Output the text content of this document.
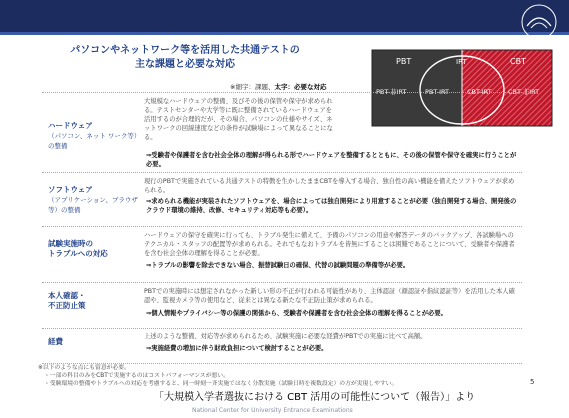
NATIONAL CENTER FOR UNIVER...
パソコンやネットワーク等を活用した共通テストの
主な課題と必要な対応
※細字：課題、太字：必要な対応
PBT	CBT
IRT
PBT-非IRT	PBT-IRT	CBT-IRT	CBT-非IRT
ハードウェア
（パソコン、ネット ワーク等）の整備
大規模なハードウェアの整備、及びその後の保管や保守が求められる。テストセンターや大学等に既に整備されているハードウェアを活用するのが合理的だが、その場合、パソコンの仕様やサイズ、ネットワークの回線速度などの条件が試験場によって異なることになる。
⇒受験者や保護者を含む社会全体の理解が得られる形でハードウェアを整備するとともに、その後の保管や保守を確実に行うことが必要。
ソフトウェア
（アプリケーション、ブラウザ等）の整備
現行のPBTで実施されている共通テストの特徴を生かしたままCBTを導入する場合、独自性の高い機能を備えたソフトウェアが求められる。
⇒求められる機能が実装されたソフトウェアを、場合によっては独自開発により用意することが必要（独自開発する場合、開発後のクラウド環境の維持、改修、セキュリティ対応等も必要）。
試験実施時の
トラブルへの対応
ハードウェアの保守を確実に行っても、トラブル発生に備えて、予備のパソコンの用意や解答データのバックアップ、各試験場へのテクニカル・スタッフの配置等が求められる。それでもなおトラブルを皆無にすることは困難であることについて、受験者や保護者を含む社会全体の理解を得ることが必要。
⇒トラブルの影響を除去できない場合、振替試験日の確保、代替の試験問題の準備等が必要。
本人確認・
不正防止策
PBTでの実施時には想定されなかった新しい形の不正が行われる可能性があり、主体認証（顔認証や指紋認証等）を活用した本人確認や、監視カメラ等の使用など、従来とは異なる新たな不正防止策が求められる。
⇒個人情報やプライバシー等の保護の関係から、受験者や保護者を含む社会全体の理解を得ることが必要。
経費
上述のような整備、対応等が求められるため、試験実施に必要な経費がPBTでの実施に比べて高額。
⇒実施経費の増加に伴う財政負担について検討することが必要。
※以下のような点にも留意が必要。
・一部の科目のみをCBTで実施するのはコストパフォーマンスが悪い。
・受験環境の整備やトラブルへの対応を考慮すると、同一時刻一斉実施ではなく分散実施（試験日時を複数設定）の方が実現しやすい。	5
「大規模入学者選抜における CBT 活用の可能性について（報告）」より
National Center for University Entrance Examinations
